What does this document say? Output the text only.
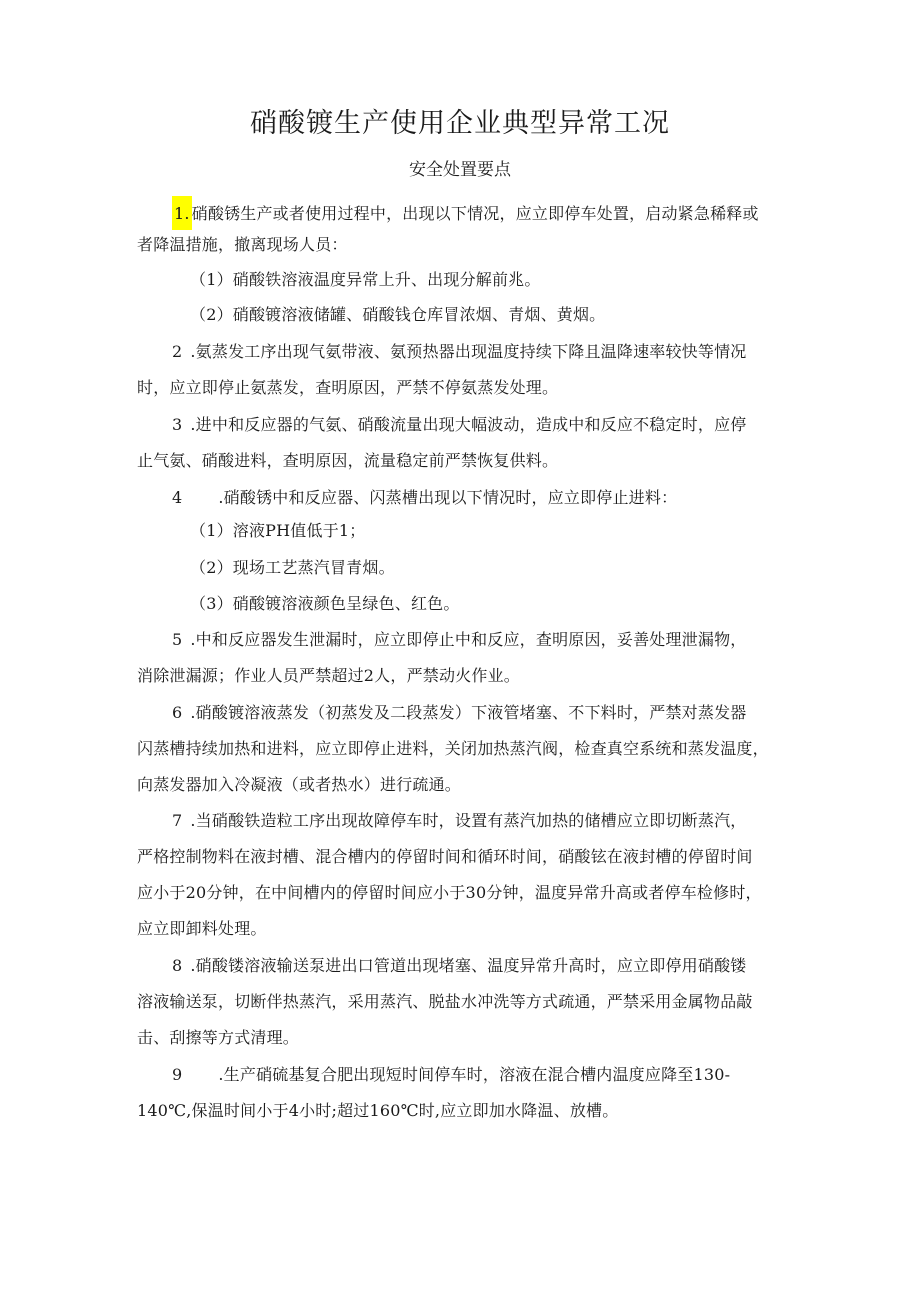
硝酸镀生产使用企业典型异常工况
安全处置要点
1. 硝酸锈生产或者使用过程中，出现以下情况，应立即停车处置，启动紧急稀释或
者降温措施，撤离现场人员：
（1）硝酸铁溶液温度异常上升、出现分解前兆。
（2）硝酸镀溶液储罐、硝酸钱仓库冒浓烟、青烟、黄烟。
2 .氨蒸发工序出现气氨带液、氨预热器出现温度持续下降且温降速率较快等情况
时，应立即停止氨蒸发，查明原因，严禁不停氨蒸发处理。
3 .进中和反应器的气氨、硝酸流量出现大幅波动，造成中和反应不稳定时，应停
止气氨、硝酸进料，查明原因，流量稳定前严禁恢复供料。
4 .硝酸锈中和反应器、闪蒸槽出现以下情况时，应立即停止进料：
（1）溶液PH值低于1；
（2）现场工艺蒸汽冒青烟。
（3）硝酸镀溶液颜色呈绿色、红色。
5 .中和反应器发生泄漏时，应立即停止中和反应，查明原因，妥善处理泄漏物，
消除泄漏源；作业人员严禁超过2人，严禁动火作业。
6 .硝酸镀溶液蒸发（初蒸发及二段蒸发）下液管堵塞、不下料时，严禁对蒸发器
闪蒸槽持续加热和进料，应立即停止进料，关闭加热蒸汽阀，检查真空系统和蒸发温度，
向蒸发器加入冷凝液（或者热水）进行疏通。
7 .当硝酸铁造粒工序出现故障停车时，设置有蒸汽加热的储槽应立即切断蒸汽，
严格控制物料在液封槽、混合槽内的停留时间和循环时间，硝酸铉在液封槽的停留时间
应小于20分钟，在中间槽内的停留时间应小于30分钟，温度异常升高或者停车检修时，
应立即卸料处理。
8 .硝酸镂溶液输送泵进出口管道出现堵塞、温度异常升高时，应立即停用硝酸镂
溶液输送泵，切断伴热蒸汽，采用蒸汽、脱盐水冲洗等方式疏通，严禁采用金属物品敲
击、刮擦等方式清理。
9 .生产硝硫基复合肥出现短时间停车时，溶液在混合槽内温度应降至130-
140℃,保温时间小于4小时;超过160℃时,应立即加水降温、放槽。
